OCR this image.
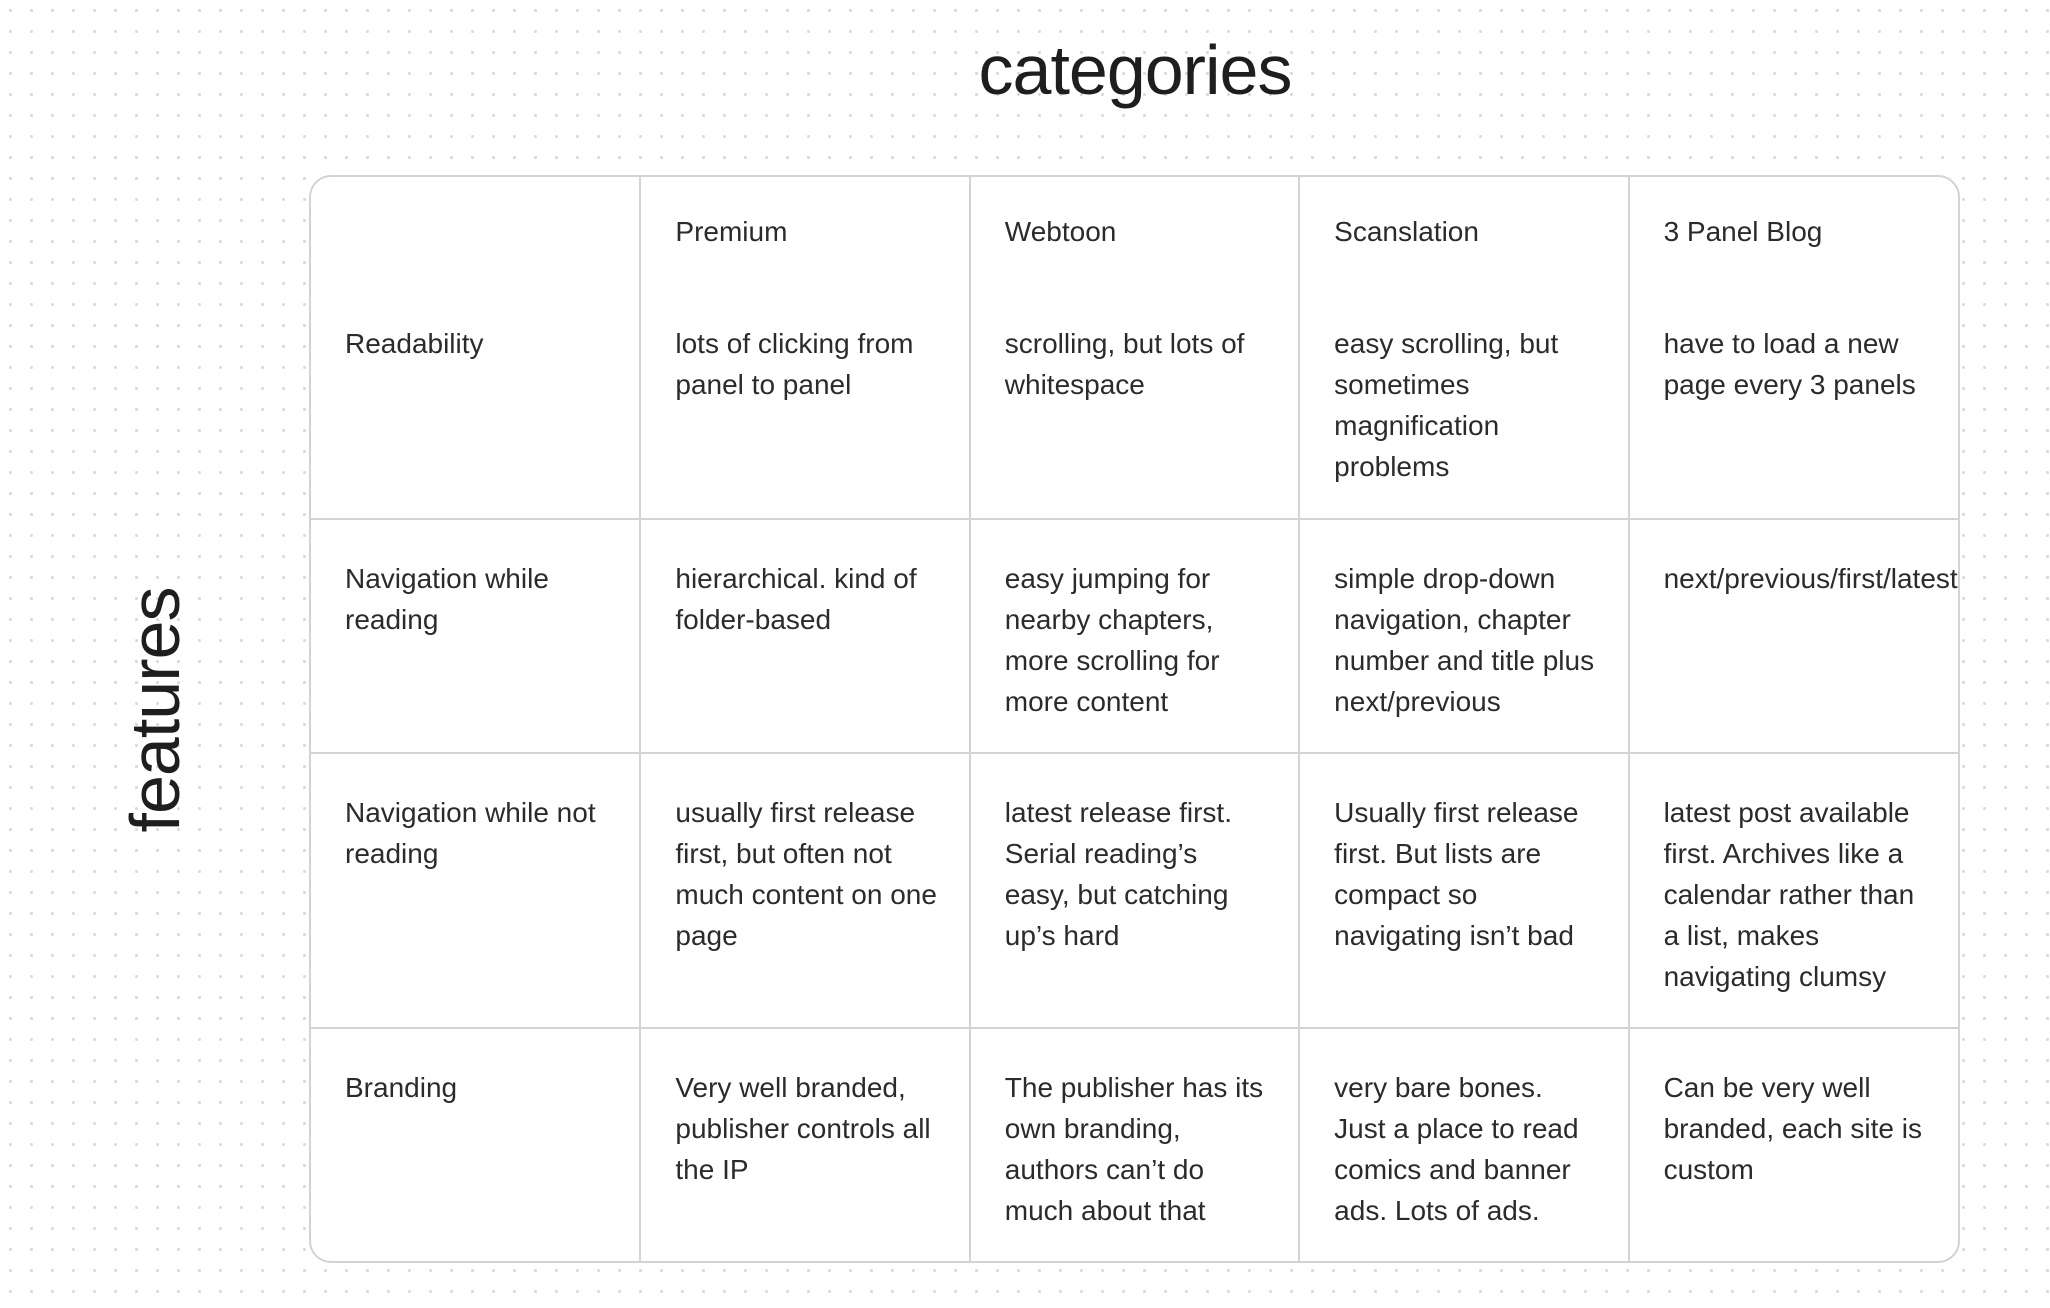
categories
features
	Premium	Webtoon	Scanslation	3 Panel Blog
Readability	lots of clicking from panel to panel	scrolling, but lots of whitespace	easy scrolling, but sometimes magnification problems	have to load a new page every 3 panels
Navigation while reading	hierarchical. kind of folder-based	easy jumping for nearby chapters, more scrolling for more content	simple drop-down navigation, chapter number and title plus next/previous	next/previous/first/latest
Navigation while not reading	usually first release first, but often not much content on one page	latest release first. Serial reading’s easy, but catching up’s hard	Usually first release first. But lists are compact so navigating isn’t bad	latest post available first. Archives like a calendar rather than a list, makes navigating clumsy
Branding	Very well branded, publisher controls all the IP	The publisher has its own branding, authors can’t do much about that	very bare bones. Just a place to read comics and banner ads. Lots of ads.	Can be very well branded, each site is custom
